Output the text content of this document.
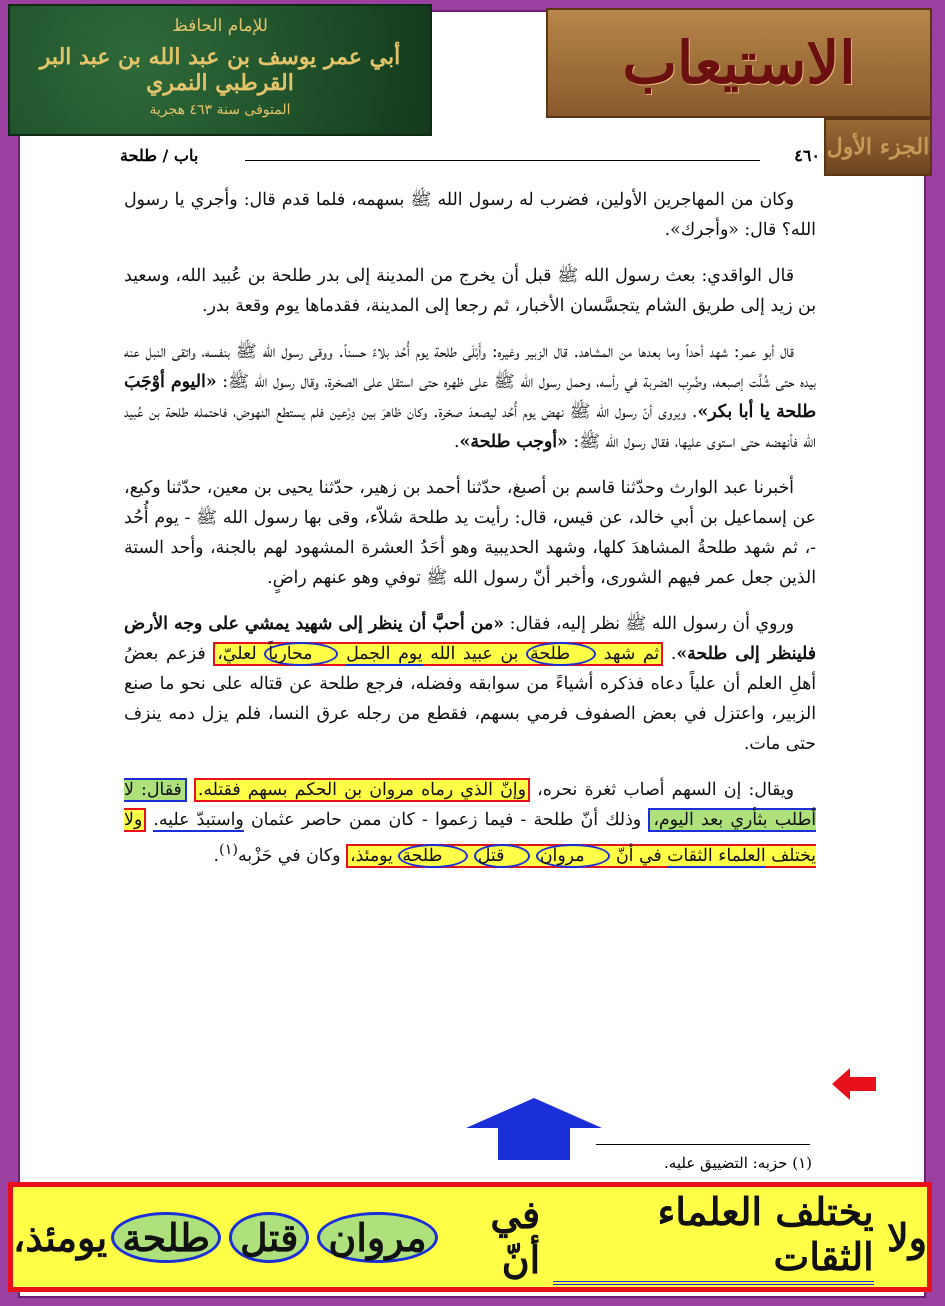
للإمام الحافظ
أبي عمر يوسف بن عبد الله بن عبد البر القرطبي النمري
المتوفى سنة ٤٦٣ هجرية
الاستيعاب
الجزء الأول
٤٦٠
باب / طلحة

وكان من المهاجرين الأولين، فضرب له رسول الله ﷺ بسهمه، فلما قدم قال: وأجري يا رسول الله؟ قال: «وأجرك».

قال الواقدي: بعث رسول الله ﷺ قبل أن يخرج من المدينة إلى بدر طلحة بن عُبيد الله، وسعيد بن زيد إلى طريق الشام يتجسَّسان الأخبار، ثم رجعا إلى المدينة، فقدماها يوم وقعة بدر.

قال أبو عمر: شهد أحداً وما بعدها من المشاهد. قال الزبير وغيره: وأَبْلَى طلحة يوم أُحُد بلاءً حسناً. ووقى رسول الله ﷺ بنفسه، واتقى النبل عنه بيده حتى شُلَّت إصبعه، وضُرِب الضربة في رأسه، وحمل رسول الله ﷺ على ظهره حتى استقل على الصخرة، وقال رسول الله ﷺ: «اليوم أوْجَبَ طلحة يا أبا بكر». ويروى أنّ رسول الله ﷺ نهض يوم أُحُد ليصعدَ صخرة. وكان ظاهرَ بين دِرْعين فلم يستطع النهوض، فاحتمله طلحة بن عُبيد الله فأنهضه حتى استوى عليها، فقال رسول الله ﷺ: «أوجب طلحة».

أخبرنا عبد الوارث وحدّثنا قاسم بن أصبغ، حدّثنا أحمد بن زهير، حدّثنا يحيى بن معين، حدّثنا وكيع، عن إسماعيل بن أبي خالد، عن قيس، قال: رأيت يد طلحة شلاّء، وقى بها رسول الله ﷺ - يوم أُحُد -، ثم شهد طلحةُ المشاهدَ كلها، وشهد الحديبية وهو أحَدُ العشرة المشهود لهم بالجنة، وأحد الستة الذين جعل عمر فيهم الشورى، وأخبر أنّ رسول الله ﷺ توفي وهو عنهم راضٍ.

وروي أن رسول الله ﷺ نظر إليه، فقال: «من أحبَّ أن ينظر إلى شهيد يمشي على وجه الأرض فلينظر إلى طلحة». ثم شهد طلحة بن عبيد الله يوم الجمل محارباً لعليّ، فزعم بعضُ أهلِ العلم أن علياً دعاه فذكره أشياءً من سوابقه وفضله، فرجع طلحة عن قتاله على نحو ما صنع الزبير، واعتزل في بعض الصفوف فرمي بسهم، فقطع من رجله عرق النسا، فلم يزل دمه ينزف حتى مات.

ويقال: إن السهم أصاب ثغرة نحره، وإنّ الذي رماه مروان بن الحكم بسهم فقتله. فقال: لا أطلب بثأري بعد اليوم، وذلك أنّ طلحة - فيما زعموا - كان ممن حاصر عثمان واستبدّ عليه. ولا يختلف العلماء الثقات في أنّ مروان قتل طلحة يومئذ، وكان في حَزْبه$^{(١)}$.

(١) حزبه: التضييق عليه.
ولا

يختلف العلماء الثقات

في أنّ
مروان
قتل
طلحة
يومئذ،
